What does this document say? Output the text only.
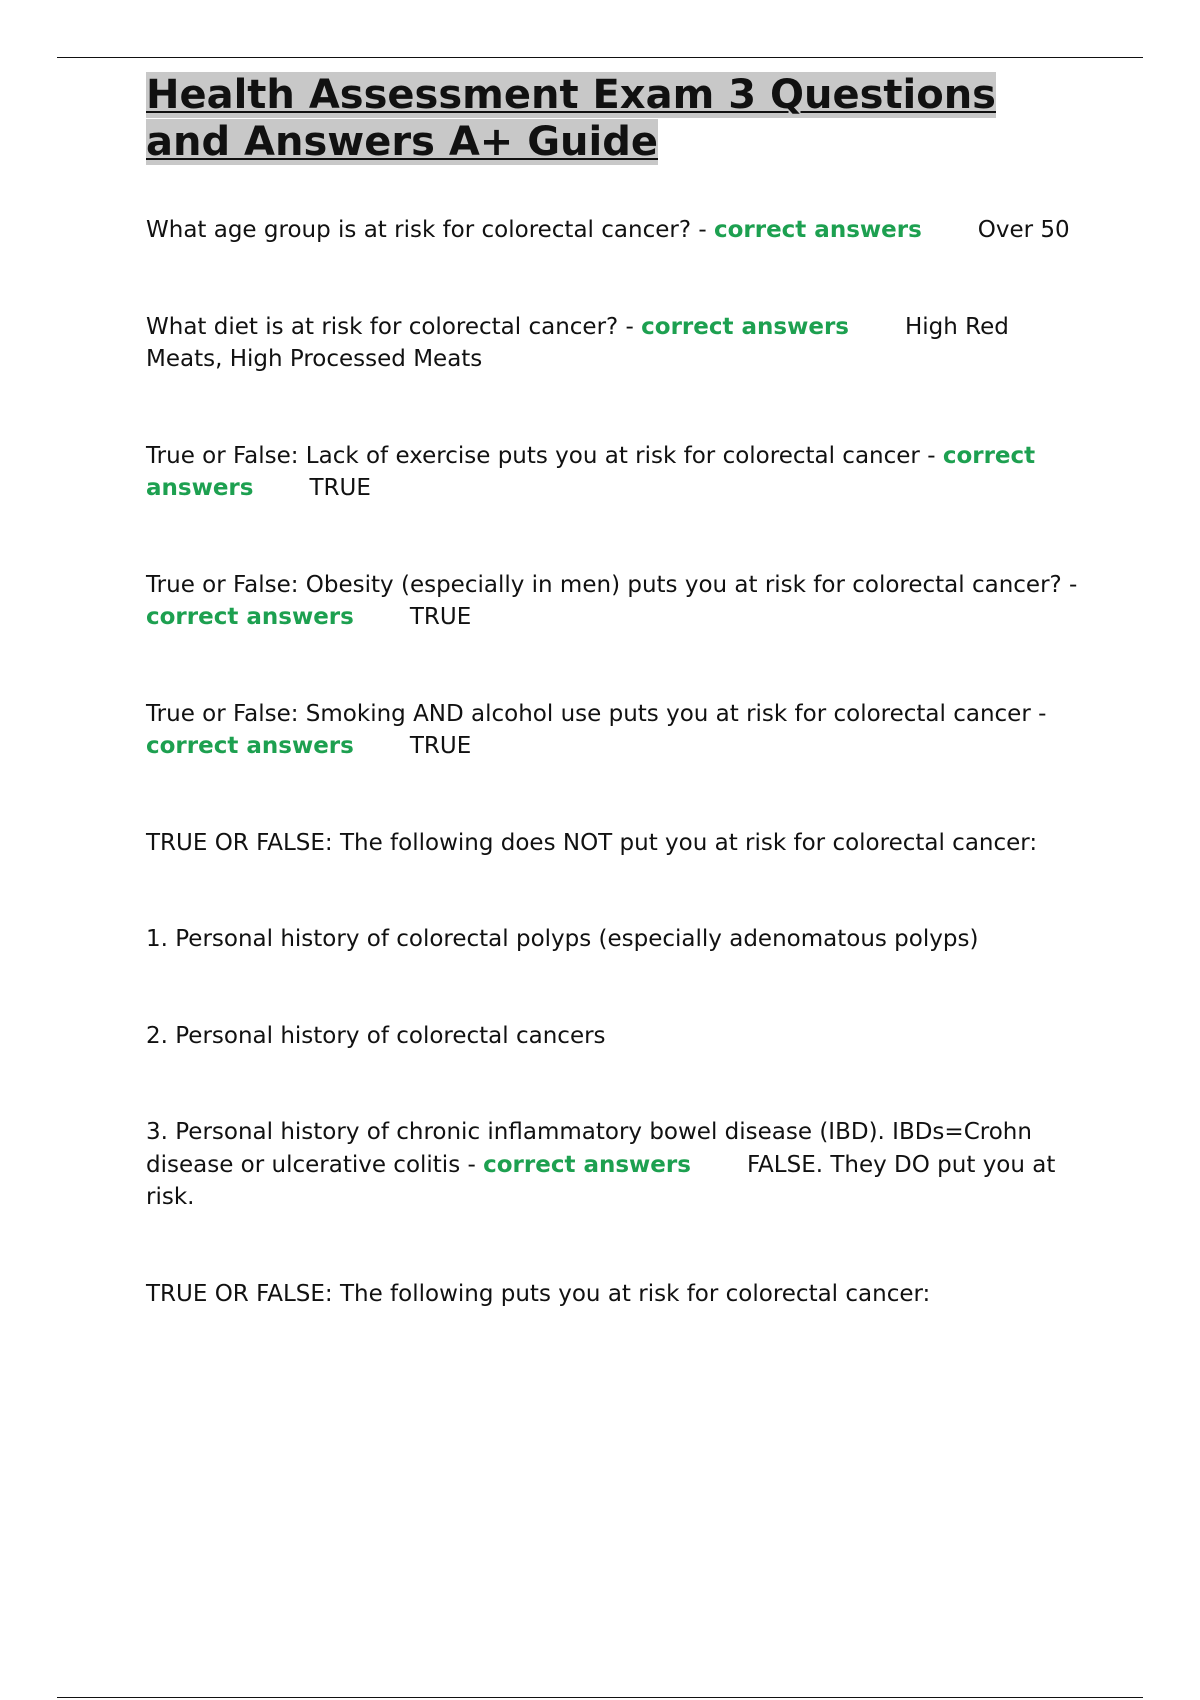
Health Assessment Exam 3 Questions
and Answers A+ Guide

What age group is at risk for colorectal cancer? - correct answers Over 50

What diet is at risk for colorectal cancer? - correct answers High Red Meats, High Processed Meats

True or False: Lack of exercise puts you at risk for colorectal cancer - correct answers TRUE

True or False: Obesity (especially in men) puts you at risk for colorectal cancer? - correct answers TRUE

True or False: Smoking AND alcohol use puts you at risk for colorectal cancer - correct answers TRUE

TRUE OR FALSE: The following does NOT put you at risk for colorectal cancer:

1. Personal history of colorectal polyps (especially adenomatous polyps)

2. Personal history of colorectal cancers

3. Personal history of chronic inflammatory bowel disease (IBD). IBDs=Crohn disease or ulcerative colitis - correct answers FALSE. They DO put you at risk.

TRUE OR FALSE: The following puts you at risk for colorectal cancer:
